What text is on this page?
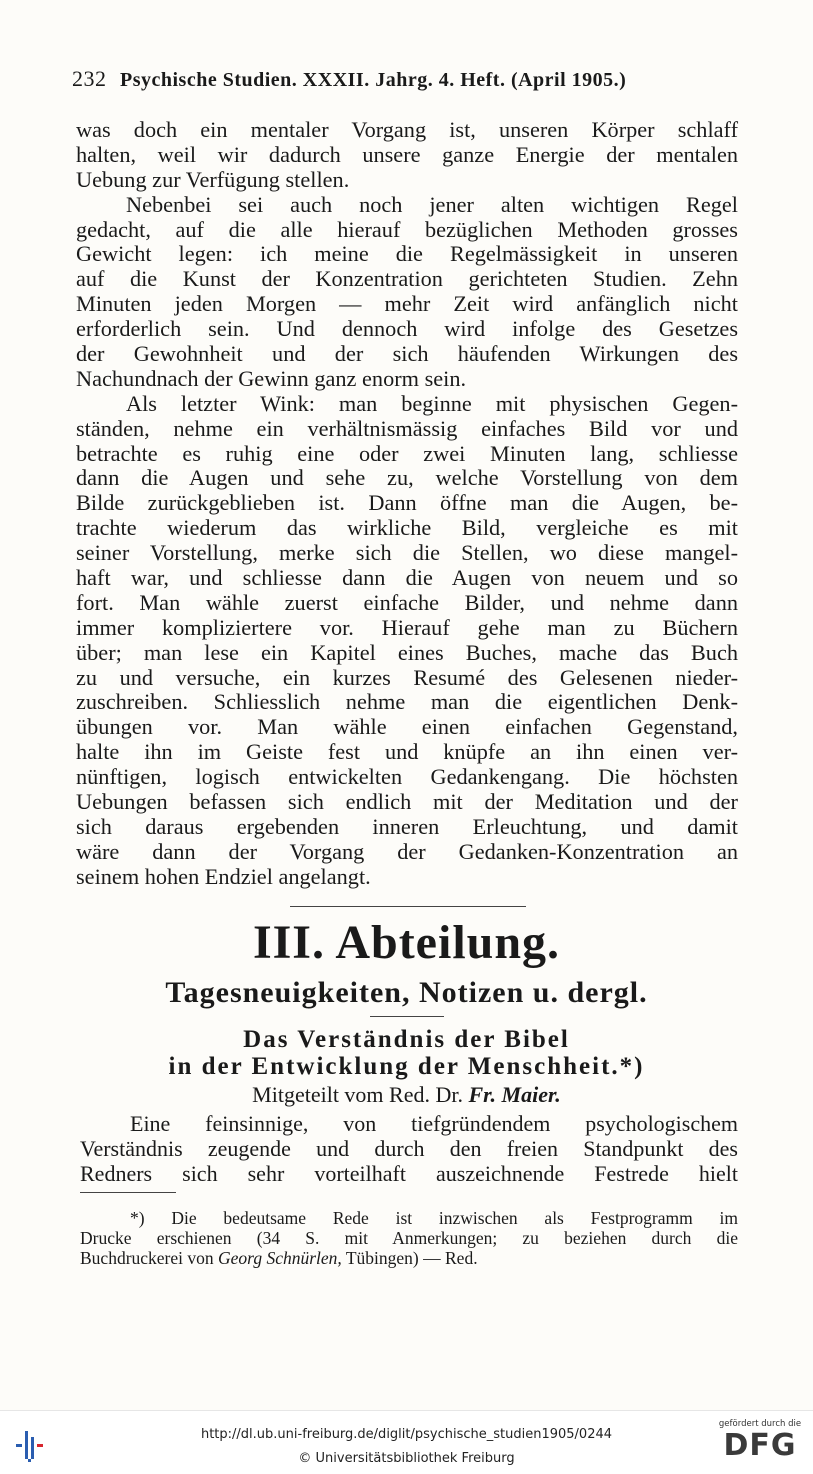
232 Psychische Studien. XXXII. Jahrg. 4. Heft. (April 1905.)
was doch ein mentaler Vorgang ist, unseren Körper schlaff
halten, weil wir dadurch unsere ganze Energie der mentalen
Uebung zur Verfügung stellen.
Nebenbei sei auch noch jener alten wichtigen Regel
gedacht, auf die alle hierauf bezüglichen Methoden grosses
Gewicht legen: ich meine die Regelmässigkeit in unseren
auf die Kunst der Konzentration gerichteten Studien. Zehn
Minuten jeden Morgen — mehr Zeit wird anfänglich nicht
erforderlich sein. Und dennoch wird infolge des Gesetzes
der Gewohnheit und der sich häufenden Wirkungen des
Nachundnach der Gewinn ganz enorm sein.
Als letzter Wink: man beginne mit physischen Gegen-
ständen, nehme ein verhältnismässig einfaches Bild vor und
betrachte es ruhig eine oder zwei Minuten lang, schliesse
dann die Augen und sehe zu, welche Vorstellung von dem
Bilde zurückgeblieben ist. Dann öffne man die Augen, be-
trachte wiederum das wirkliche Bild, vergleiche es mit
seiner Vorstellung, merke sich die Stellen, wo diese mangel-
haft war, und schliesse dann die Augen von neuem und so
fort. Man wähle zuerst einfache Bilder, und nehme dann
immer kompliziertere vor. Hierauf gehe man zu Büchern
über; man lese ein Kapitel eines Buches, mache das Buch
zu und versuche, ein kurzes Resumé des Gelesenen nieder-
zuschreiben. Schliesslich nehme man die eigentlichen Denk-
übungen vor. Man wähle einen einfachen Gegenstand,
halte ihn im Geiste fest und knüpfe an ihn einen ver-
nünftigen, logisch entwickelten Gedankengang. Die höchsten
Uebungen befassen sich endlich mit der Meditation und der
sich daraus ergebenden inneren Erleuchtung, und damit
wäre dann der Vorgang der Gedanken-Konzentration an
seinem hohen Endziel angelangt.
III. Abteilung.
Tagesneuigkeiten, Notizen u. dergl.
Das Verständnis der Bibel
in der Entwicklung der Menschheit.*)
Mitgeteilt vom Red. Dr. Fr. Maier.
Eine feinsinnige, von tiefgründendem psychologischem
Verständnis zeugende und durch den freien Standpunkt des
Redners sich sehr vorteilhaft auszeichnende Festrede hielt
*) Die bedeutsame Rede ist inzwischen als Festprogramm im
Drucke erschienen (34 S. mit Anmerkungen; zu beziehen durch die
Buchdruckerei von Georg Schnürlen, Tübingen) — Red.
http://dl.ub.uni-freiburg.de/diglit/psychische_studien1905/0244
© Universitätsbibliothek Freiburg
gefördert durch die
DFG
